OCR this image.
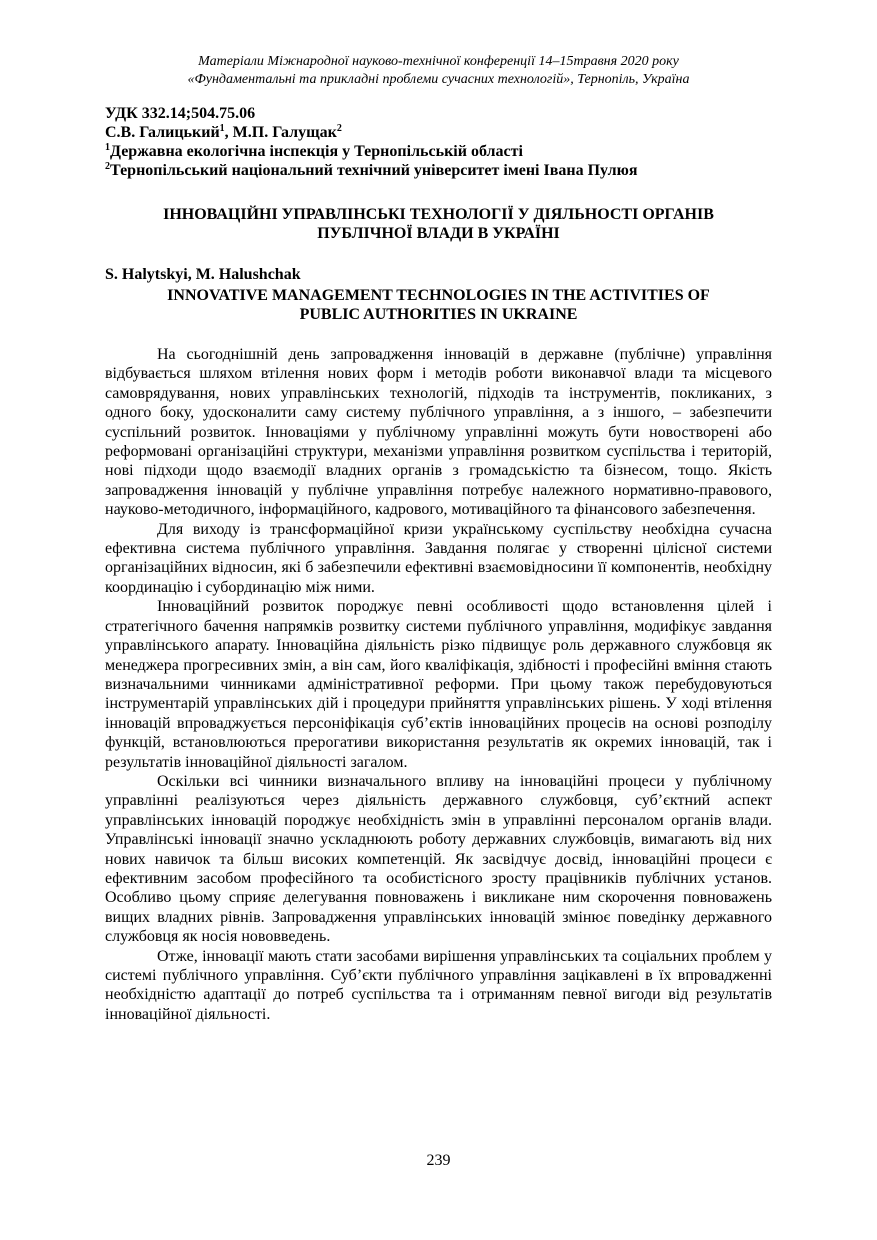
Матеріали Міжнародної науково-технічної конференції 14–15травня 2020 року
«Фундаментальні та прикладні проблеми сучасних технологій», Тернопіль, Україна
УДК 332.14;504.75.06
С.В. Галицький$^1$, М.П. Галущак$^2$
$^1$Державна екологічна інспекція у Тернопільській області
$^2$Тернопільський національний технічний університет імені Івана Пулюя
ІННОВАЦІЙНІ УПРАВЛІНСЬКІ ТЕХНОЛОГІЇ У ДІЯЛЬНОСТІ ОРГАНІВ
ПУБЛІЧНОЇ ВЛАДИ В УКРАЇНІ
S. Halytskyi, M. Halushchak
INNOVATIVE MANAGEMENT TECHNOLOGIES IN THE ACTIVITIES OF
PUBLIC AUTHORITIES IN UKRAINE

На сьогоднішній день запровадження інновацій в державне (публічне) управління відбувається шляхом втілення нових форм і методів роботи виконавчої влади та місцевого самоврядування, нових управлінських технологій, підходів та інструментів, покликаних, з одного боку, удосконалити саму систему публічного управління, а з іншого, – забезпечити суспільний розвиток. Інноваціями у публічному управлінні можуть бути новостворені або реформовані організаційні структури, механізми управління розвитком суспільства і територій, нові підходи щодо взаємодії владних органів з громадськістю та бізнесом, тощо. Якість запровадження інновацій у публічне управління потребує належного нормативно-правового, науково-методичного, інформаційного, кадрового, мотиваційного та фінансового забезпечення.

Для виходу із трансформаційної кризи українському суспільству необхідна сучасна ефективна система публічного управління. Завдання полягає у створенні цілісної системи організаційних відносин, які б забезпечили ефективні взаємовідносини її компонентів, необхідну координацію і субординацію між ними.

Інноваційний розвиток породжує певні особливості щодо встановлення цілей і стратегічного бачення напрямків розвитку системи публічного управління, модифікує завдання управлінського апарату. Інноваційна діяльність різко підвищує роль державного службовця як менеджера прогресивних змін, а він сам, його кваліфікація, здібності і професійні вміння стають визначальними чинниками адміністративної реформи. При цьому також перебудовуються інструментарій управлінських дій і процедури прийняття управлінських рішень. У ході втілення інновацій впроваджується персоніфікація суб’єктів інноваційних процесів на основі розподілу функцій, встановлюються прерогативи використання результатів як окремих інновацій, так і результатів інноваційної діяльності загалом.

Оскільки всі чинники визначального впливу на інноваційні процеси у публічному управлінні реалізуються через діяльність державного службовця, суб’єктний аспект управлінських інновацій породжує необхідність змін в управлінні персоналом органів влади. Управлінські інновації значно ускладнюють роботу державних службовців, вимагають від них нових навичок та більш високих компетенцій. Як засвідчує досвід, інноваційні процеси є ефективним засобом професійного та особистісного зросту працівників публічних установ. Особливо цьому сприяє делегування повноважень і викликане ним скорочення повноважень вищих владних рівнів. Запровадження управлінських інновацій змінює поведінку державного службовця як носія нововведень.

Отже, інновації мають стати засобами вирішення управлінських та соціальних проблем у системі публічного управління. Суб’єкти публічного управління зацікавлені в їх впровадженні необхідністю адаптації до потреб суспільства та і отриманням певної вигоди від результатів інноваційної діяльності.

239
